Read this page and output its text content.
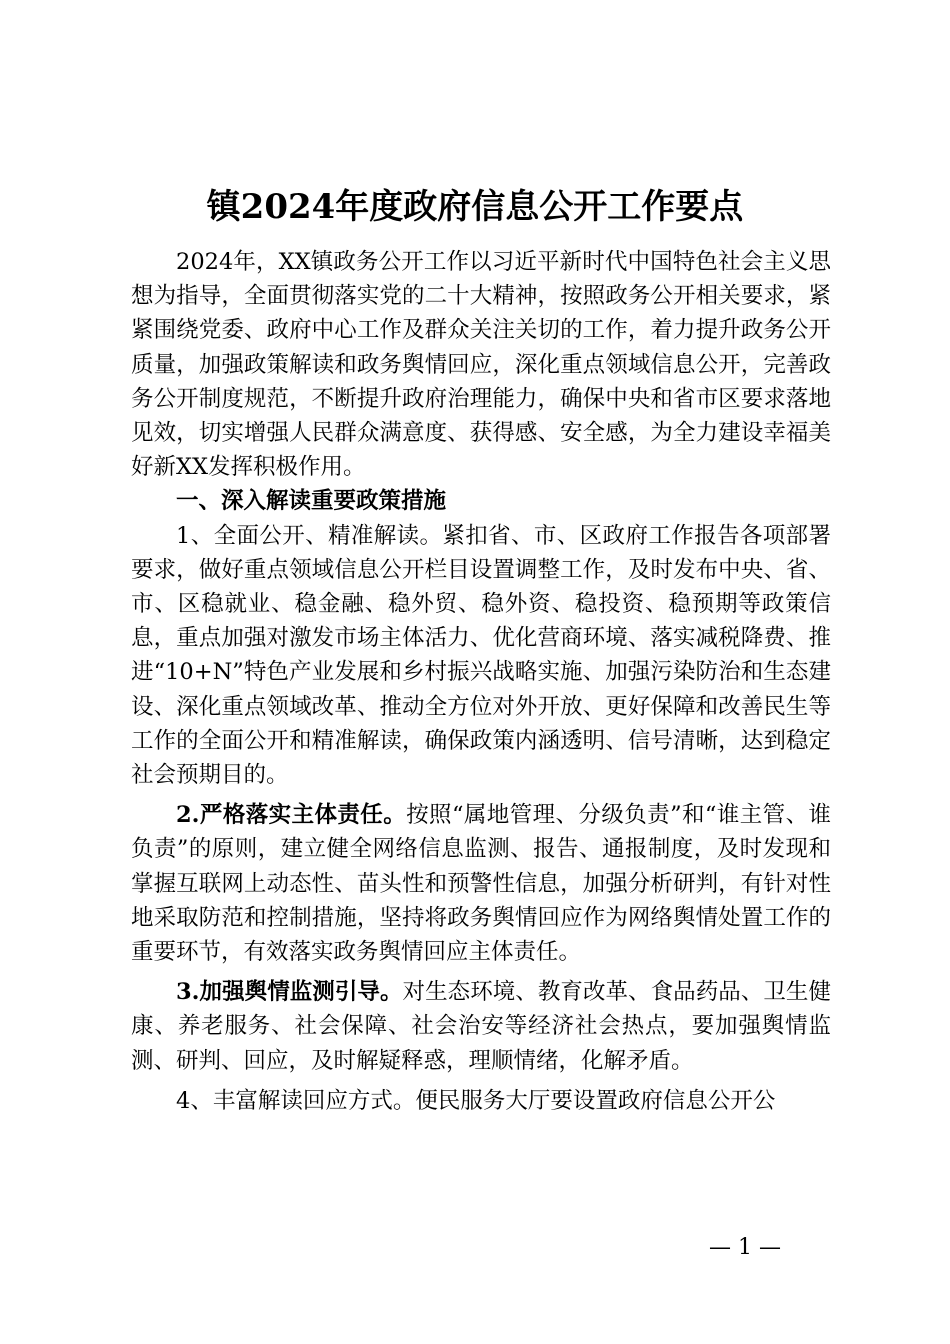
镇2024年度政府信息公开工作要点

2024年，XX镇政务公开工作以习近平新时代中国特色社会主义思想为指导，全面贯彻落实党的二十大精神，按照政务公开相关要求，紧紧围绕党委、政府中心工作及群众关注关切的工作，着力提升政务公开质量，加强政策解读和政务舆情回应，深化重点领域信息公开，完善政务公开制度规范，不断提升政府治理能力，确保中央和省市区要求落地见效，切实增强人民群众满意度、获得感、安全感，为全力建设幸福美好新XX发挥积极作用。

一、深入解读重要政策措施

1、全面公开、精准解读。紧扣省、市、区政府工作报告各项部署要求，做好重点领域信息公开栏目设置调整工作，及时发布中央、省、市、区稳就业、稳金融、稳外贸、稳外资、稳投资、稳预期等政策信息，重点加强对激发市场主体活力、优化营商环境、落实减税降费、推进“10+N”特色产业发展和乡村振兴战略实施、加强污染防治和生态建设、深化重点领域改革、推动全方位对外开放、更好保障和改善民生等工作的全面公开和精准解读，确保政策内涵透明、信号清晰，达到稳定社会预期目的。

2.严格落实主体责任。按照“属地管理、分级负责”和“谁主管、谁负责”的原则，建立健全网络信息监测、报告、通报制度，及时发现和掌握互联网上动态性、苗头性和预警性信息，加强分析研判，有针对性地采取防范和控制措施，坚持将政务舆情回应作为网络舆情处置工作的重要环节，有效落实政务舆情回应主体责任。

3.加强舆情监测引导。对生态环境、教育改革、食品药品、卫生健康、养老服务、社会保障、社会治安等经济社会热点，要加强舆情监测、研判、回应，及时解疑释惑，理顺情绪，化解矛盾。

4、丰富解读回应方式。便民服务大厅要设置政府信息公开公

— 1 —
